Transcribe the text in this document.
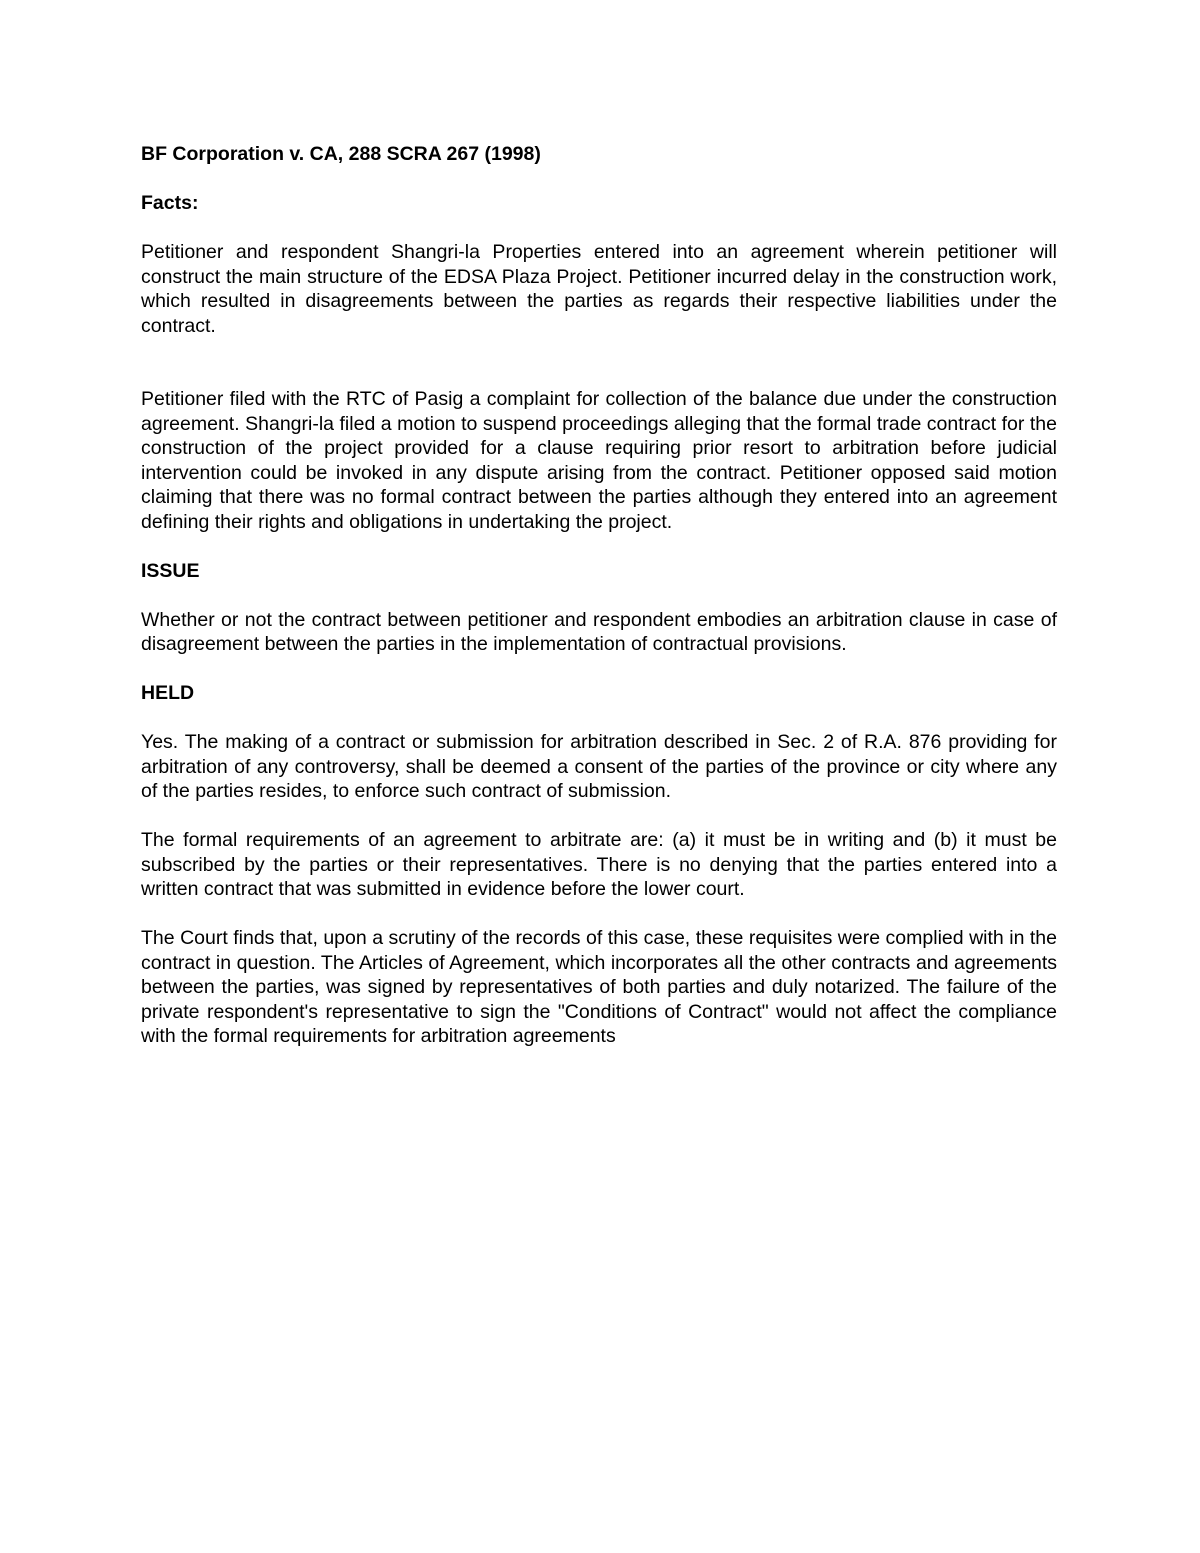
BF Corporation v. CA, 288 SCRA 267 (1998)

Facts:

Petitioner and respondent Shangri-la Properties entered into an agreement wherein petitioner will construct the main structure of the EDSA Plaza Project. Petitioner incurred delay in the construction work, which resulted in disagreements between the parties as regards their respective liabilities under the contract.

Petitioner filed with the RTC of Pasig a complaint for collection of the balance due under the construction agreement. Shangri-la filed a motion to suspend proceedings alleging that the formal trade contract for the construction of the project provided for a clause requiring prior resort to arbitration before judicial intervention could be invoked in any dispute arising from the contract. Petitioner opposed said motion claiming that there was no formal contract between the parties although they entered into an agreement defining their rights and obligations in undertaking the project.

ISSUE

Whether or not the contract between petitioner and respondent embodies an arbitration clause in case of disagreement between the parties in the implementation of contractual provisions.

HELD

Yes. The making of a contract or submission for arbitration described in Sec. 2 of R.A. 876 providing for arbitration of any controversy, shall be deemed a consent of the parties of the province or city where any of the parties resides, to enforce such contract of submission.

The formal requirements of an agreement to arbitrate are: (a) it must be in writing and (b) it must be subscribed by the parties or their representatives. There is no denying that the parties entered into a written contract that was submitted in evidence before the lower court.

The Court finds that, upon a scrutiny of the records of this case, these requisites were complied with in the contract in question. The Articles of Agreement, which incorporates all the other contracts and agreements between the parties, was signed by representatives of both parties and duly notarized. The failure of the private respondent's representative to sign the "Conditions of Contract" would not affect the compliance with the formal requirements for arbitration agreements
